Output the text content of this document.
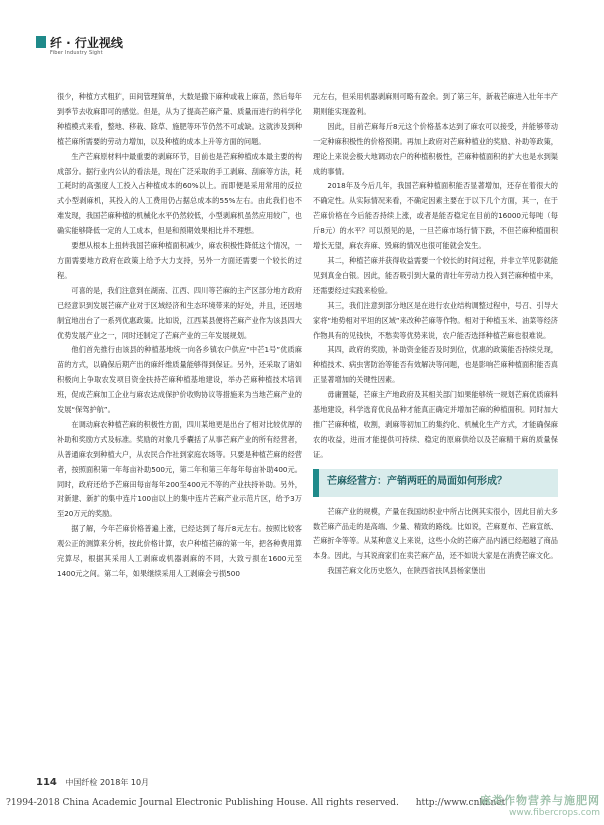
纤 · 行业视线
Fiber Industry Sight

很少，种植方式粗犷，田间管理简单，大数是撒下麻种或栽上麻苗，然后每年到季节去收麻即可的感觉。但是，从为了提高芒麻产量、质量而进行的科学化种植模式来看，整地、移栽、除草、施肥等环节仍然不可或缺。这就涉及到种植芒麻所需要的劳动力增加，以及种植的成本上升等方面的问题。

生产芒麻原材料中最重要的剥麻环节，目前也是芒麻种植成本最主要的构成部分。据行业内公认的看法是，现在广泛采取的手工剥麻、刮麻等方法，耗工耗时的高强度人工投入占种植成本的60%以上。而即便是采用常用的反拉式小型剥麻机，其投入的人工费用仍占据总成本的55%左右。由此我们也不难发现，我国芒麻种植的机械化水平仍然较低，小型剥麻机虽然应用较广，也确实能够降低一定的人工成本，但是和预期效果相比并不理想。

要想从根本上扭转我国芒麻种植面积减少，麻农积极性降低这个情况，一方面需要地方政府在政策上给予大力支持，另外一方面还需要一个较长的过程。

可喜的是，我们注意到在湖南、江西、四川等芒麻的主产区部分地方政府已经意识到发展芒麻产业对于区域经济和生态环境带来的好处，并且，还因地制宜地出台了一系列优惠政策。比如说，江西某县便将芒麻产业作为该县四大优势发展产业之一，同时还制定了芒麻产业的三年发展规划。

他们首先推行由该县的种植基地统一向各乡镇农户供应“中芒1号”优质麻苗的方式，以确保后期产出的麻纤维质量能够得到保证。另外，还采取了诸如积极向上争取农发项目资金扶持芒麻种植基地建设，举办芒麻种植技术培训班，促成芒麻加工企业与麻农达成保护价收购协议等措施来为当地芒麻产业的发展“保驾护航”。

在调动麻农种植芒麻的积极性方面，四川某地更是出台了相对比较优厚的补助和奖励方式及标准。奖励的对象几乎囊括了从事芒麻产业的所有经营者，从普通麻农到种植大户，从农民合作社到家庭农场等。只要是种植芒麻的经营者，按照面积第一年每亩补助500元，第二年和第三年每年每亩补助400元。同时，政府还给予芒麻田每亩每年200至400元不等的产业扶持补助。另外，对新建、新扩的集中连片100亩以上的集中连片芒麻产业示范片区，给予3万至20万元的奖励。

据了解，今年芒麻价格普遍上涨，已经达到了每斤8元左右。按照比较客观公正的测算来分析，按此价格计算，农户种植芒麻的第一年，把各种费用算完算尽，根据其采用人工剥麻或机器剥麻的不同，大致亏损在1600元至1400元之间。第二年，如果继续采用人工剥麻会亏损500

元左右，但采用机器剥麻则可略有盈余。到了第三年，新栽芒麻进入壮年丰产期则能实现盈利。

因此，目前芒麻每斤8元这个价格基本达到了麻农可以接受，并能够带动一定种麻积极性的价格预期。再加上政府对芒麻种植业的奖励、补助等政策，理论上来说会极大地调动农户的种植积极性，芒麻种植面积的扩大也是水到渠成的事情。

2018年及今后几年，我国芒麻种植面积能否显著增加，还存在着很大的不确定性。从实际情况来看，不确定因素主要在于以下几个方面，其一，在于芒麻价格在今后能否持续上涨，或者是能否稳定在目前的16000元每吨（每斤8元）的水平？可以预见的是，一旦芒麻市场行情下跌，不但芒麻种植面积增长无望，麻农弃麻、毁麻的情况也很可能就会发生。

其二，种植芒麻并获得收益需要一个较长的时间过程，并非立竿见影就能见到真金白银。因此，能否吸引到大量的青壮年劳动力投入到芒麻种植中来，还需要经过实践来检验。

其三，我们注意到部分地区是在进行农业结构调整过程中，号召、引导大家将“地势相对平坦的区域”来改种芒麻等作物。相对于种植玉米、油菜等经济作物具有的见钱快，不愁卖等优势来说，农户能否选择种植芒麻也很难说。

其四，政府的奖励，补助资金能否及时到位，优惠的政策能否持续兑现，种植技术、病虫害防治等能否有效解决等问题，也是影响芒麻种植面积能否真正显著增加的关键性因素。

毋庸置疑，芒麻主产地政府及其相关部门如果能够统一规划芒麻优质麻料基地建设，科学选育优良品种才能真正确定并增加芒麻的种植面积。同时加大推广芒麻种植，收割，剥麻等初加工的集约化、机械化生产方式，才能确保麻农的收益，进而才能提供可持续、稳定的原麻供给以及芒麻精干麻的质量保证。

芒麻经营方：产销两旺的局面如何形成？

芒麻产业的规模，产量在我国纺织业中所占比例其实很小，因此目前大多数芒麻产品走的是高端、少量、精致的路线。比如说，芒麻夏布、芒麻宣纸、芒麻折伞等等。从某种意义上来说，这些小众的芒麻产品内涵已经超越了商品本身。因此，与其说商家们在卖芒麻产品，还不如说大家是在消费芒麻文化。

我国芒麻文化历史悠久，在陕西省扶风县杨家堡出

114 中国纤检 2018年 10月
?1994-2018 China Academic Journal Electronic Publishing House. All rights reserved. http://www.cnki.net
麻类作物营养与施肥网
www.fibercrops.com
